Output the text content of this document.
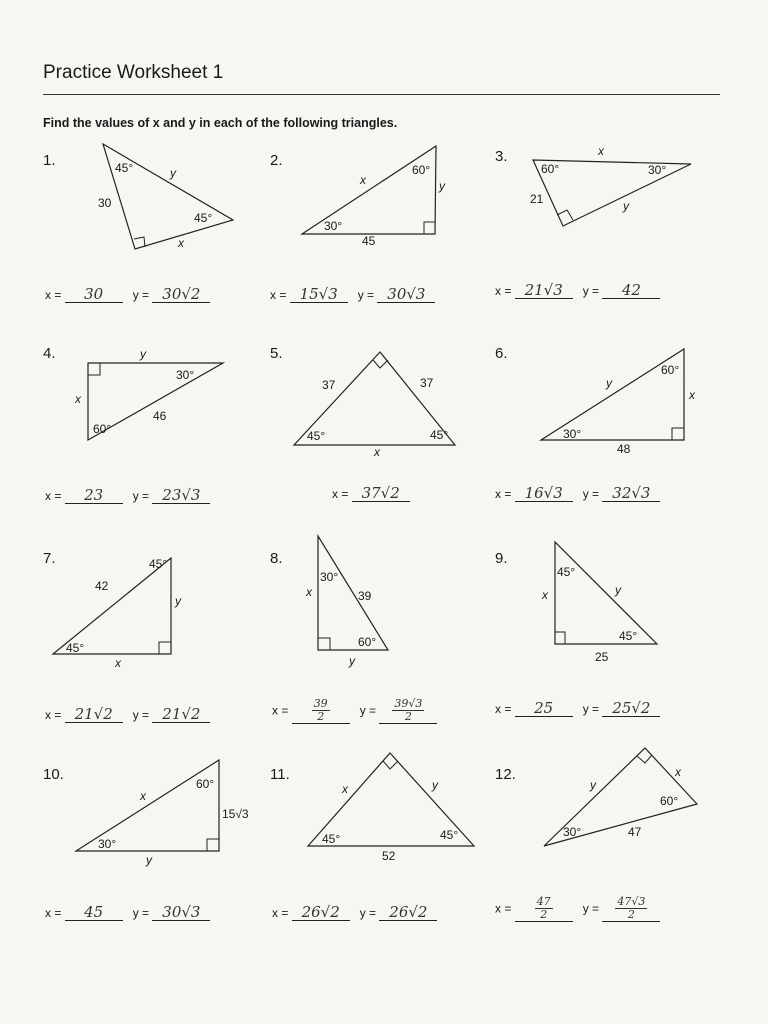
Practice Worksheet 1
Find the values of x and y in each of the following triangles.
1.	45°	y
30
45°
x
x = 30 y = 30√2
2.
x
60°
y
30°
45
x = 15√3 y = 30√3
3.	x
60°	30°
21	y
x = 21√3 y = 42
4.	y
30°
x
46
60°
x = 23 y = 23√3
5.
37	37
45°	45°
x
x = 37√2
6.
60°
y
x
30°
48
x = 16√3 y = 32√3
7.	45°
42
y
45°
x
x = 21√2 y = 21√2
8.
30°
x	39
60°
y
$x = \frac{39}{2}$	$y = \frac{39√3}{2}$
9.
45°
x	y
45°
25
x = 25 y = 25√2
10.
x
60°
15√3
30°
y
x = 45 y = 30√3
11.
x	y
45°	45°
52
x = 26√2 y = 26√2
12.
y
x
60°
30°	47
$x = \frac{47}{2}$	$y = \frac{47√3}{2}$
